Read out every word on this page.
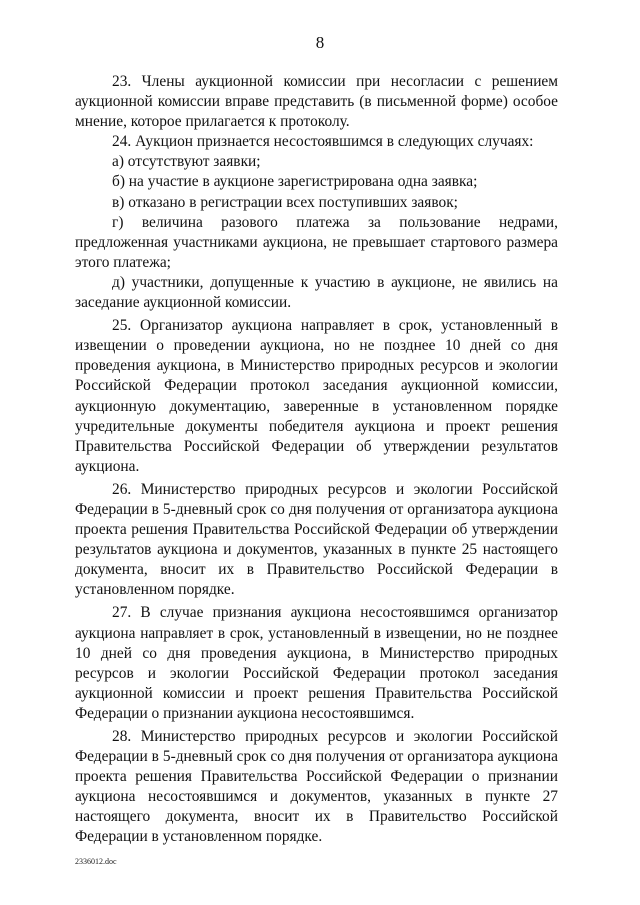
8

23. Члены аукционной комиссии при несогласии с решением аукционной комиссии вправе представить (в письменной форме) особое мнение, которое прилагается к протоколу.

24. Аукцион признается несостоявшимся в следующих случаях:

а) отсутствуют заявки;

б) на участие в аукционе зарегистрирована одна заявка;

в) отказано в регистрации всех поступивших заявок;

г) величина разового платежа за пользование недрами, предложенная участниками аукциона, не превышает стартового размера этого платежа;

д) участники, допущенные к участию в аукционе, не явились на заседание аукционной комиссии.

25. Организатор аукциона направляет в срок, установленный в извещении о проведении аукциона, но не позднее 10 дней со дня проведения аукциона, в Министерство природных ресурсов и экологии Российской Федерации протокол заседания аукционной комиссии, аукционную документацию, заверенные в установленном порядке учредительные документы победителя аукциона и проект решения Правительства Российской Федерации об утверждении результатов аукциона.

26. Министерство природных ресурсов и экологии Российской Федерации в 5-дневный срок со дня получения от организатора аукциона проекта решения Правительства Российской Федерации об утверждении результатов аукциона и документов, указанных в пункте 25 настоящего документа, вносит их в Правительство Российской Федерации в установленном порядке.

27. В случае признания аукциона несостоявшимся организатор аукциона направляет в срок, установленный в извещении, но не позднее 10 дней со дня проведения аукциона, в Министерство природных ресурсов и экологии Российской Федерации протокол заседания аукционной комиссии и проект решения Правительства Российской Федерации о признании аукциона несостоявшимся.

28. Министерство природных ресурсов и экологии Российской Федерации в 5-дневный срок со дня получения от организатора аукциона проекта решения Правительства Российской Федерации о признании аукциона несостоявшимся и документов, указанных в пункте 27 настоящего документа, вносит их в Правительство Российской Федерации в установленном порядке.

2336012.doc
